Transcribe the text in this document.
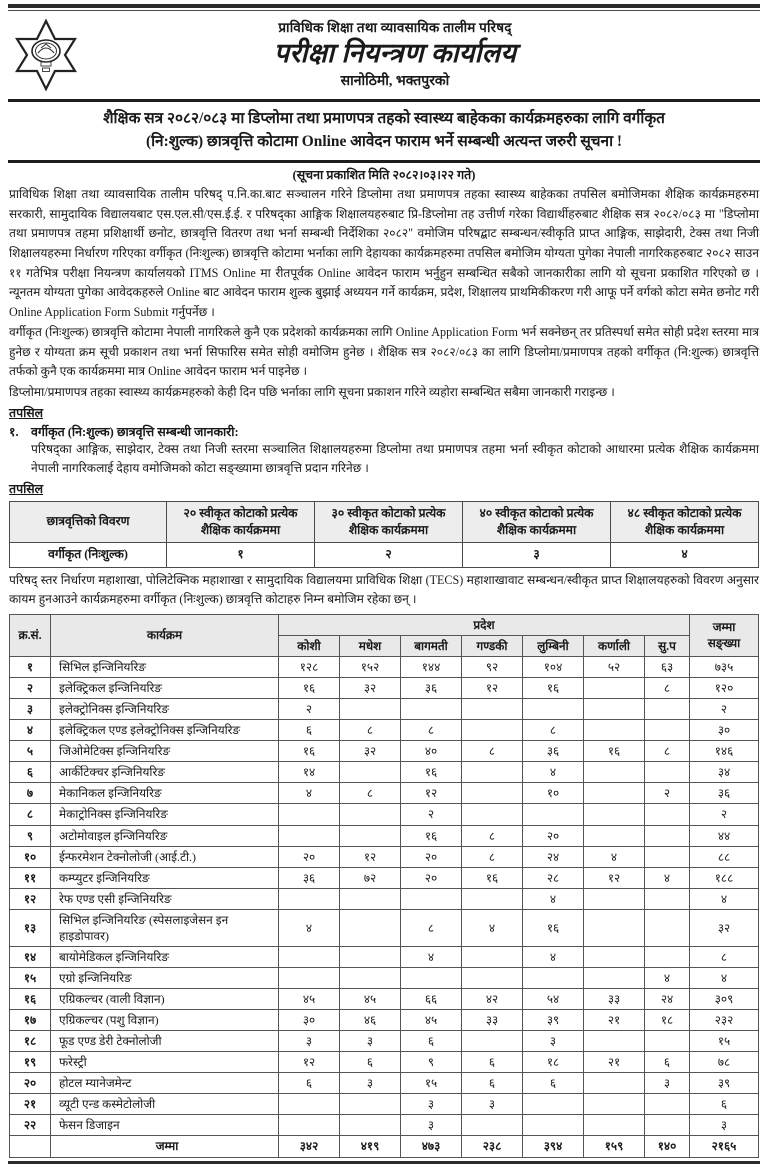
प्राविधिक शिक्षा तथा व्यावसायिक तालीम परिषद्
परीक्षा नियन्त्रण कार्यालय
सानोठिमी, भक्तपुरको
शैक्षिक सत्र २०८२/०८३ मा डिप्लोमा तथा प्रमाणपत्र तहको स्वास्थ्य बाहेकका कार्यक्रमहरुका लागि वर्गीकृत
(नि:शुल्क) छात्रवृत्ति कोटामा Online आवेदन फाराम भर्ने सम्बन्धी अत्यन्त जरुरी सूचना !
(सूचना प्रकाशित मिति २०८२।०३।२२ गते)

प्राविधिक शिक्षा तथा व्यावसायिक तालीम परिषद् प.नि.का.बाट सञ्चालन गरिने डिप्लोमा तथा प्रमाणपत्र तहका स्वास्थ्य बाहेकका तपसिल बमोजिमका शैक्षिक कार्यक्रमहरुमा सरकारी, सामुदायिक विद्यालयबाट एस.एल.सी/एस.ई.ई. र परिषद्का आङ्गिक शिक्षालयहरुबाट प्रि-डिप्लोमा तह उत्तीर्ण गरेका विद्यार्थीहरुबाट शैक्षिक सत्र २०८२/०८३ मा "डिप्लोमा तथा प्रमाणपत्र तहमा प्रशिक्षार्थी छनोट, छात्रवृत्ति वितरण तथा भर्ना सम्बन्धी निर्देशिका २०८२" वमोजिम परिषद्बाट सम्बन्धन/स्वीकृति प्राप्त आङ्गिक, साझेदारी, टेक्स तथा निजी शिक्षालयहरुमा निर्धारण गरिएका वर्गीकृत (निःशुल्क) छात्रवृत्ति कोटामा भर्नाका लागि देहायका कार्यक्रमहरुमा तपसिल बमोजिम योग्यता पुगेका नेपाली नागरिकहरुबाट २०८२ साउन ११ गतेभित्र परीक्षा नियन्त्रण कार्यालयको ITMS Online मा रीतपूर्वक Online आवेदन फाराम भर्नुहुन सम्बन्धित सबैको जानकारीका लागि यो सूचना प्रकाशित गरिएको छ । न्यूनतम योग्यता पुगेका आवेदकहरुले Online बाट आवेदन फाराम शुल्क बुझाई अध्ययन गर्ने कार्यक्रम, प्रदेश, शिक्षालय प्राथमिकीकरण गरी आफू पर्ने वर्गको कोटा समेत छनोट गरी Online Application Form Submit गर्नुपर्नेछ ।

वर्गीकृत (निःशुल्क) छात्रवृत्ति कोटामा नेपाली नागरिकले कुनै एक प्रदेशको कार्यक्रमका लागि Online Application Form भर्न सक्नेछन् तर प्रतिस्पर्धा समेत सोही प्रदेश स्तरमा मात्र हुनेछ र योग्यता क्रम सूची प्रकाशन तथा भर्ना सिफारिस समेत सोही वमोजिम हुनेछ । शैक्षिक सत्र २०८२/०८३ का लागि डिप्लोमा/प्रमाणपत्र तहको वर्गीकृत (नि:शुल्क) छात्रवृत्ति तर्फको कुनै एक कार्यक्रममा मात्र Online आवेदन फाराम भर्न पाइनेछ ।

डिप्लोमा/प्रमाणपत्र तहका स्वास्थ्य कार्यक्रमहरुको केही दिन पछि भर्नाका लागि सूचना प्रकाशन गरिने व्यहोरा सम्बन्धित सबैमा जानकारी गराइन्छ ।

तपसिल
१.	वर्गीकृत (नि:शुल्क) छात्रवृत्ति सम्बन्धी जानकारी:

परिषद्का आङ्गिक, साझेदार, टेक्स तथा निजी स्तरमा सञ्चालित शिक्षालयहरुमा डिप्लोमा तथा प्रमाणपत्र तहमा भर्ना स्वीकृत कोटाको आधारमा प्रत्येक शैक्षिक कार्यक्रममा नेपाली नागरिकलाई देहाय वमोजिमको कोटा सङ्ख्यामा छात्रवृत्ति प्रदान गरिनेछ ।

तपसिल
छात्रवृत्तिको विवरण	२० स्वीकृत कोटाको प्रत्येक शैक्षिक कार्यक्रममा	३० स्वीकृत कोटाको प्रत्येक शैक्षिक कार्यक्रममा	४० स्वीकृत कोटाको प्रत्येक शैक्षिक कार्यक्रममा	४८ स्वीकृत कोटाको प्रत्येक शैक्षिक कार्यक्रममा
वर्गीकृत (निःशुल्क)	१	२	३	४

परिषद् स्तर निर्धारण महाशाखा, पोलिटेक्निक महाशाखा र सामुदायिक विद्यालयमा प्राविधिक शिक्षा (TECS) महाशाखावाट सम्बन्धन/स्वीकृत प्राप्त शिक्षालयहरुको विवरण अनुसार कायम हुनआउने कार्यक्रमहरुमा वर्गीकृत (निःशुल्क) छात्रवृत्ति कोटाहरु निम्न बमोजिम रहेका छन् ।

क्र.सं.	कार्यक्रम	प्रदेश							जम्मा
सङ्ख्या
		कोशी	मधेश	बागमती	गण्डकी	लुम्बिनी	कर्णाली	सु.प	
१	सिभिल इन्जिनियरिङ	१२८	१५२	१४४	९२	१०४	५२	६३	७३५
२	इलेक्ट्रिकल इन्जिनियरिङ	१६	३२	३६	१२	१६		८	१२०
३	इलेक्ट्रोनिक्स इन्जिनियरिङ	२							२
४	इलेक्ट्रिकल एण्ड इलेक्ट्रोनिक्स इन्जिनियरिङ	६	८	८		८			३०
५	जिओमेटिक्स इन्जिनियरिङ	१६	३२	४०	८	३६	१६	८	१४६
६	आर्कीटेक्चर इन्जिनियरिङ	१४		१६		४			३४
७	मेकानिकल इन्जिनियरिङ	४	८	१२		१०		२	३६
८	मेकाट्रोनिक्स इन्जिनियरिङ			२					२
९	अटोमोवाइल इन्जिनियरिङ			१६	८	२०			४४
१०	ईन्फरमेशन टेक्नोलोजी (आई.टी.)	२०	१२	२०	८	२४	४		८८
११	कम्प्युटर इन्जिनियरिङ	३६	७२	२०	१६	२८	१२	४	१८८
१२	रेफ एण्ड एसी इन्जिनियरिङ					४			४
१३	सिभिल इन्जिनियरिङ (स्पेसलाइजेसन इन हाइडोपावर)	४		८	४	१६			३२
१४	बायोमेडिकल इन्जिनियरिङ			४		४			८
१५	एग्रो इन्जिनियरिङ							४	४
१६	एग्रिकल्चर (वाली विज्ञान)	४५	४५	६६	४२	५४	३३	२४	३०९
१७	एग्रिकल्चर (पशु विज्ञान)	३०	४६	४५	३३	३९	२१	१८	२३२
१८	फूड एण्ड डेरी टेक्नोलोजी	३	३	६		३			१५
१९	फरेस्ट्री	१२	६	९	६	१८	२१	६	७८
२०	होटल म्यानेजमेन्ट	६	३	१५	६	६		३	३९
२१	व्यूटी एन्ड कस्मेटोलोजी			३	३				६
२२	फेसन डिजाइन			३					३
	जम्मा	३४२	४१९	४७३	२३८	३९४	१५९	१४०	२१६५
